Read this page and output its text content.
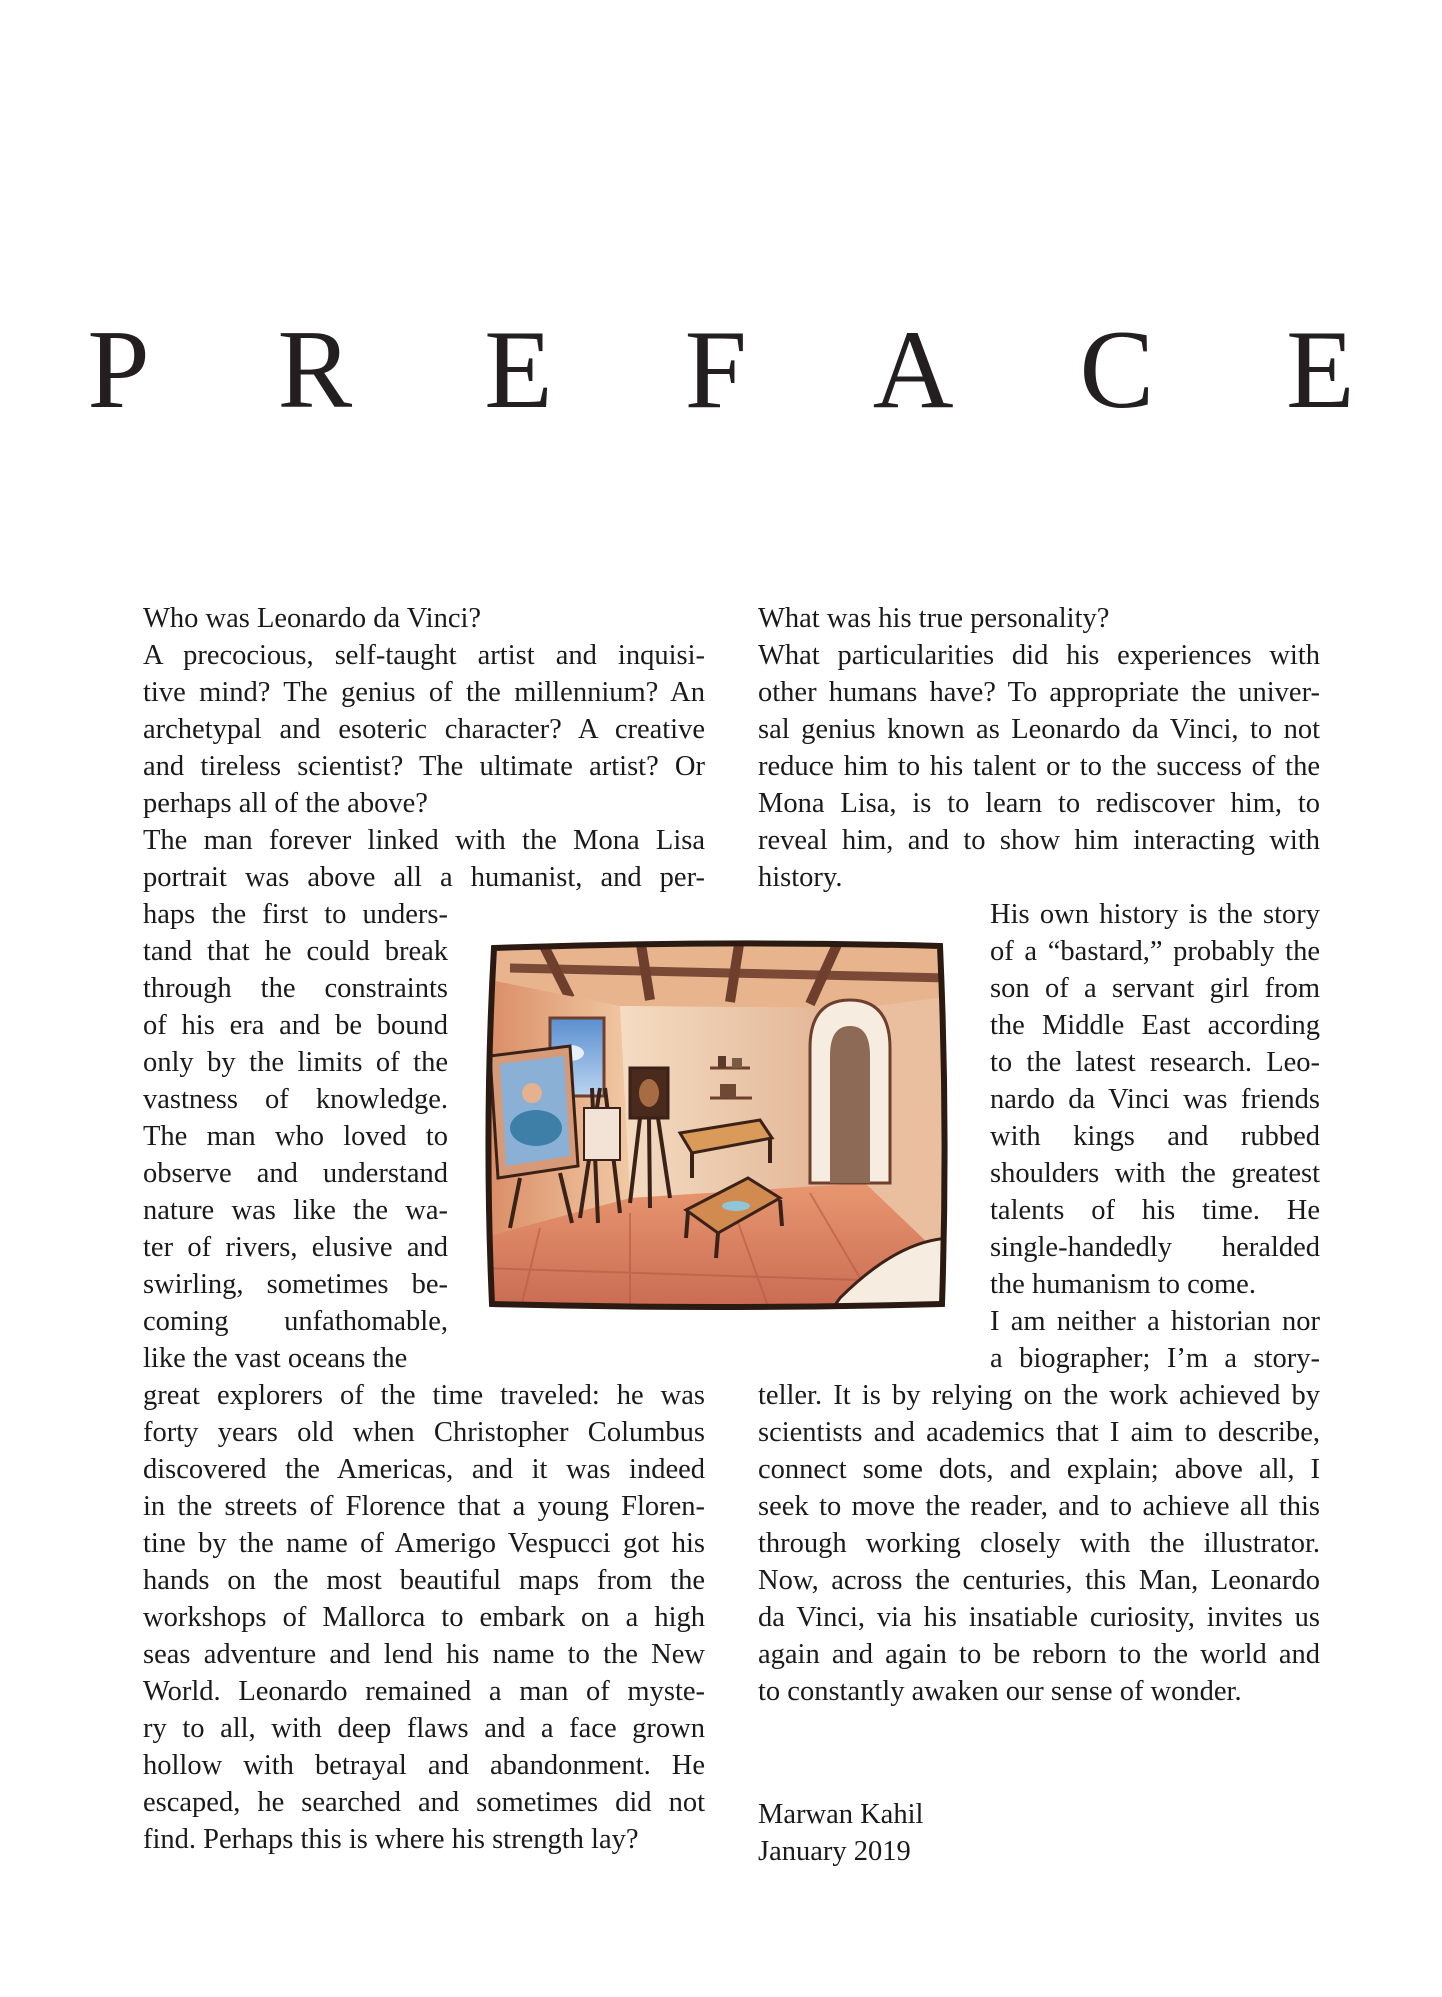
P R E F A C E
Who was Leonardo da Vinci?
A precocious, self-taught artist and inquisi-
tive mind? The genius of the millennium? An
archetypal and esoteric character? A creative
and tireless scientist? The ultimate artist? Or
perhaps all of the above?
The man forever linked with the Mona Lisa
portrait was above all a humanist, and per-
haps the first to unders-
tand that he could break
through the constraints
of his era and be bound
only by the limits of the
vastness of knowledge.
The man who loved to
observe and understand
nature was like the wa-
ter of rivers, elusive and
swirling, sometimes be-
coming unfathomable,
like the vast oceans the
great explorers of the time traveled: he was
forty years old when Christopher Columbus
discovered the Americas, and it was indeed
in the streets of Florence that a young Floren-
tine by the name of Amerigo Vespucci got his
hands on the most beautiful maps from the
workshops of Mallorca to embark on a high
seas adventure and lend his name to the New
World. Leonardo remained a man of myste-
ry to all, with deep flaws and a face grown
hollow with betrayal and abandonment. He
escaped, he searched and sometimes did not
find. Perhaps this is where his strength lay?
What was his true personality?
What particularities did his experiences with
other humans have? To appropriate the univer-
sal genius known as Leonardo da Vinci, to not
reduce him to his talent or to the success of the
Mona Lisa, is to learn to rediscover him, to
reveal him, and to show him interacting with
history.
His own history is the story
of a “bastard,” probably the
son of a servant girl from
the Middle East according
to the latest research. Leo-
nardo da Vinci was friends
with kings and rubbed
shoulders with the greatest
talents of his time. He
single-handedly heralded
the humanism to come.
I am neither a historian nor
a biographer; I’m a story-
teller. It is by relying on the work achieved by
scientists and academics that I aim to describe,
connect some dots, and explain; above all, I
seek to move the reader, and to achieve all this
through working closely with the illustrator.
Now, across the centuries, this Man, Leonardo
da Vinci, via his insatiable curiosity, invites us
again and again to be reborn to the world and
to constantly awaken our sense of wonder.
Marwan Kahil
January 2019
